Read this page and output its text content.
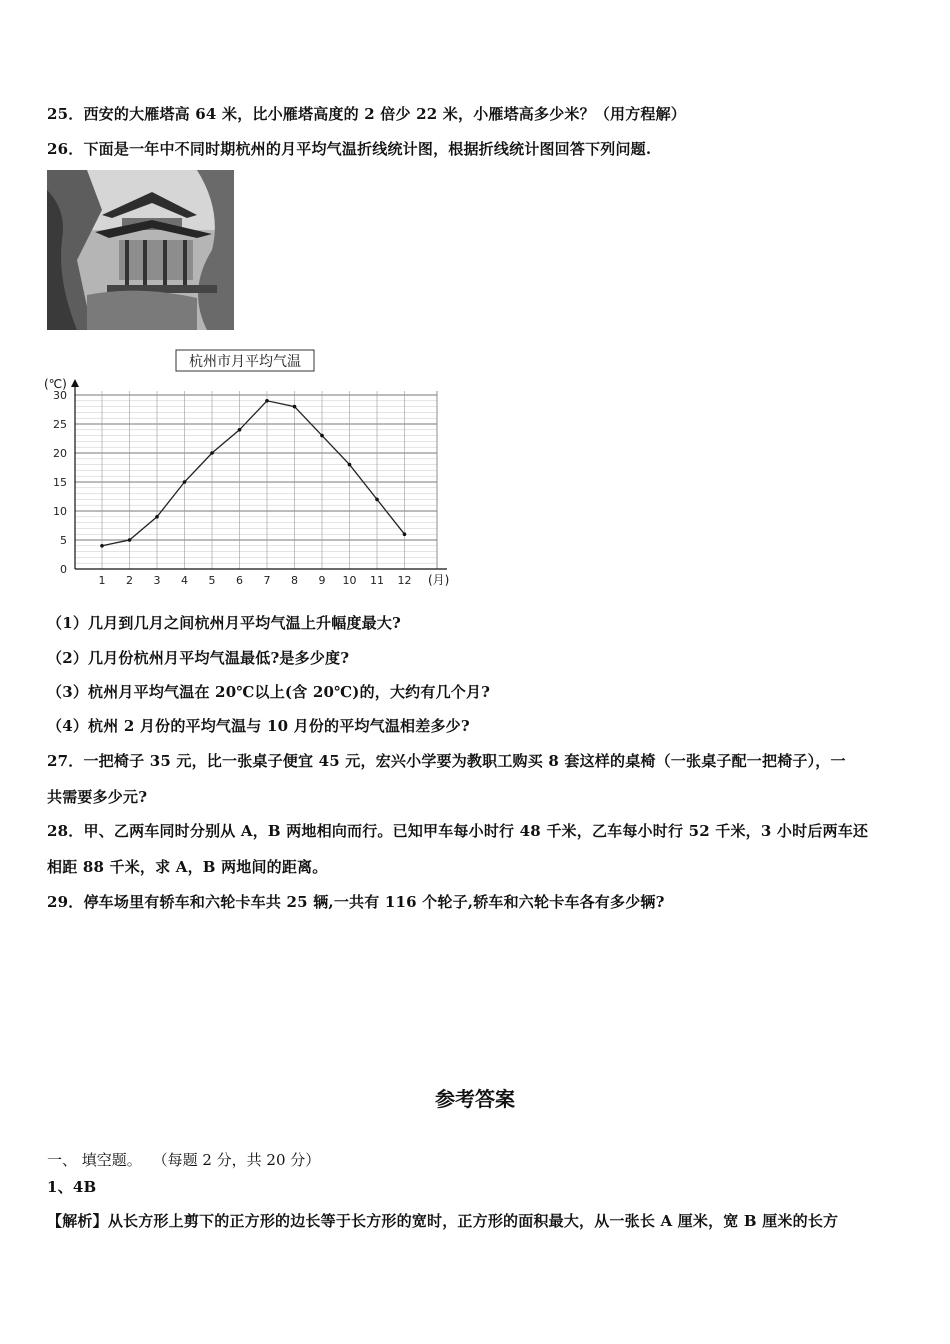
25．西安的大雁塔高 64 米，比小雁塔高度的 2 倍少 22 米，小雁塔高多少米？（用方程解）
26．下面是一年中不同时期杭州的月平均气温折线统计图，根据折线统计图回答下列问题.
杭州市月平均气温
(℃)
(月)
0
5
10
15
20
25
30
1 2 3 4 5 6 7 8 9 10 11 12
（1）几月到几月之间杭州月平均气温上升幅度最大?
（2）几月份杭州月平均气温最低?是多少度?
（3）杭州月平均气温在 20℃以上(含 20℃)的，大约有几个月?
（4）杭州 2 月份的平均气温与 10 月份的平均气温相差多少?
27．一把椅子 35 元，比一张桌子便宜 45 元，宏兴小学要为教职工购买 8 套这样的桌椅（一张桌子配一把椅子），一
共需要多少元?
28．甲、乙两车同时分别从 A，B 两地相向而行。已知甲车每小时行 48 千米，乙车每小时行 52 千米，3 小时后两车还
相距 88 千米，求 A，B 两地间的距离。
29．停车场里有轿车和六轮卡车共 25 辆,一共有 116 个轮子,轿车和六轮卡车各有多少辆?
参考答案
一、 填空题。 （每题 2 分，共 20 分）
1、4B
【解析】从长方形上剪下的正方形的边长等于长方形的宽时，正方形的面积最大，从一张长 A 厘米，宽 B 厘米的长方
